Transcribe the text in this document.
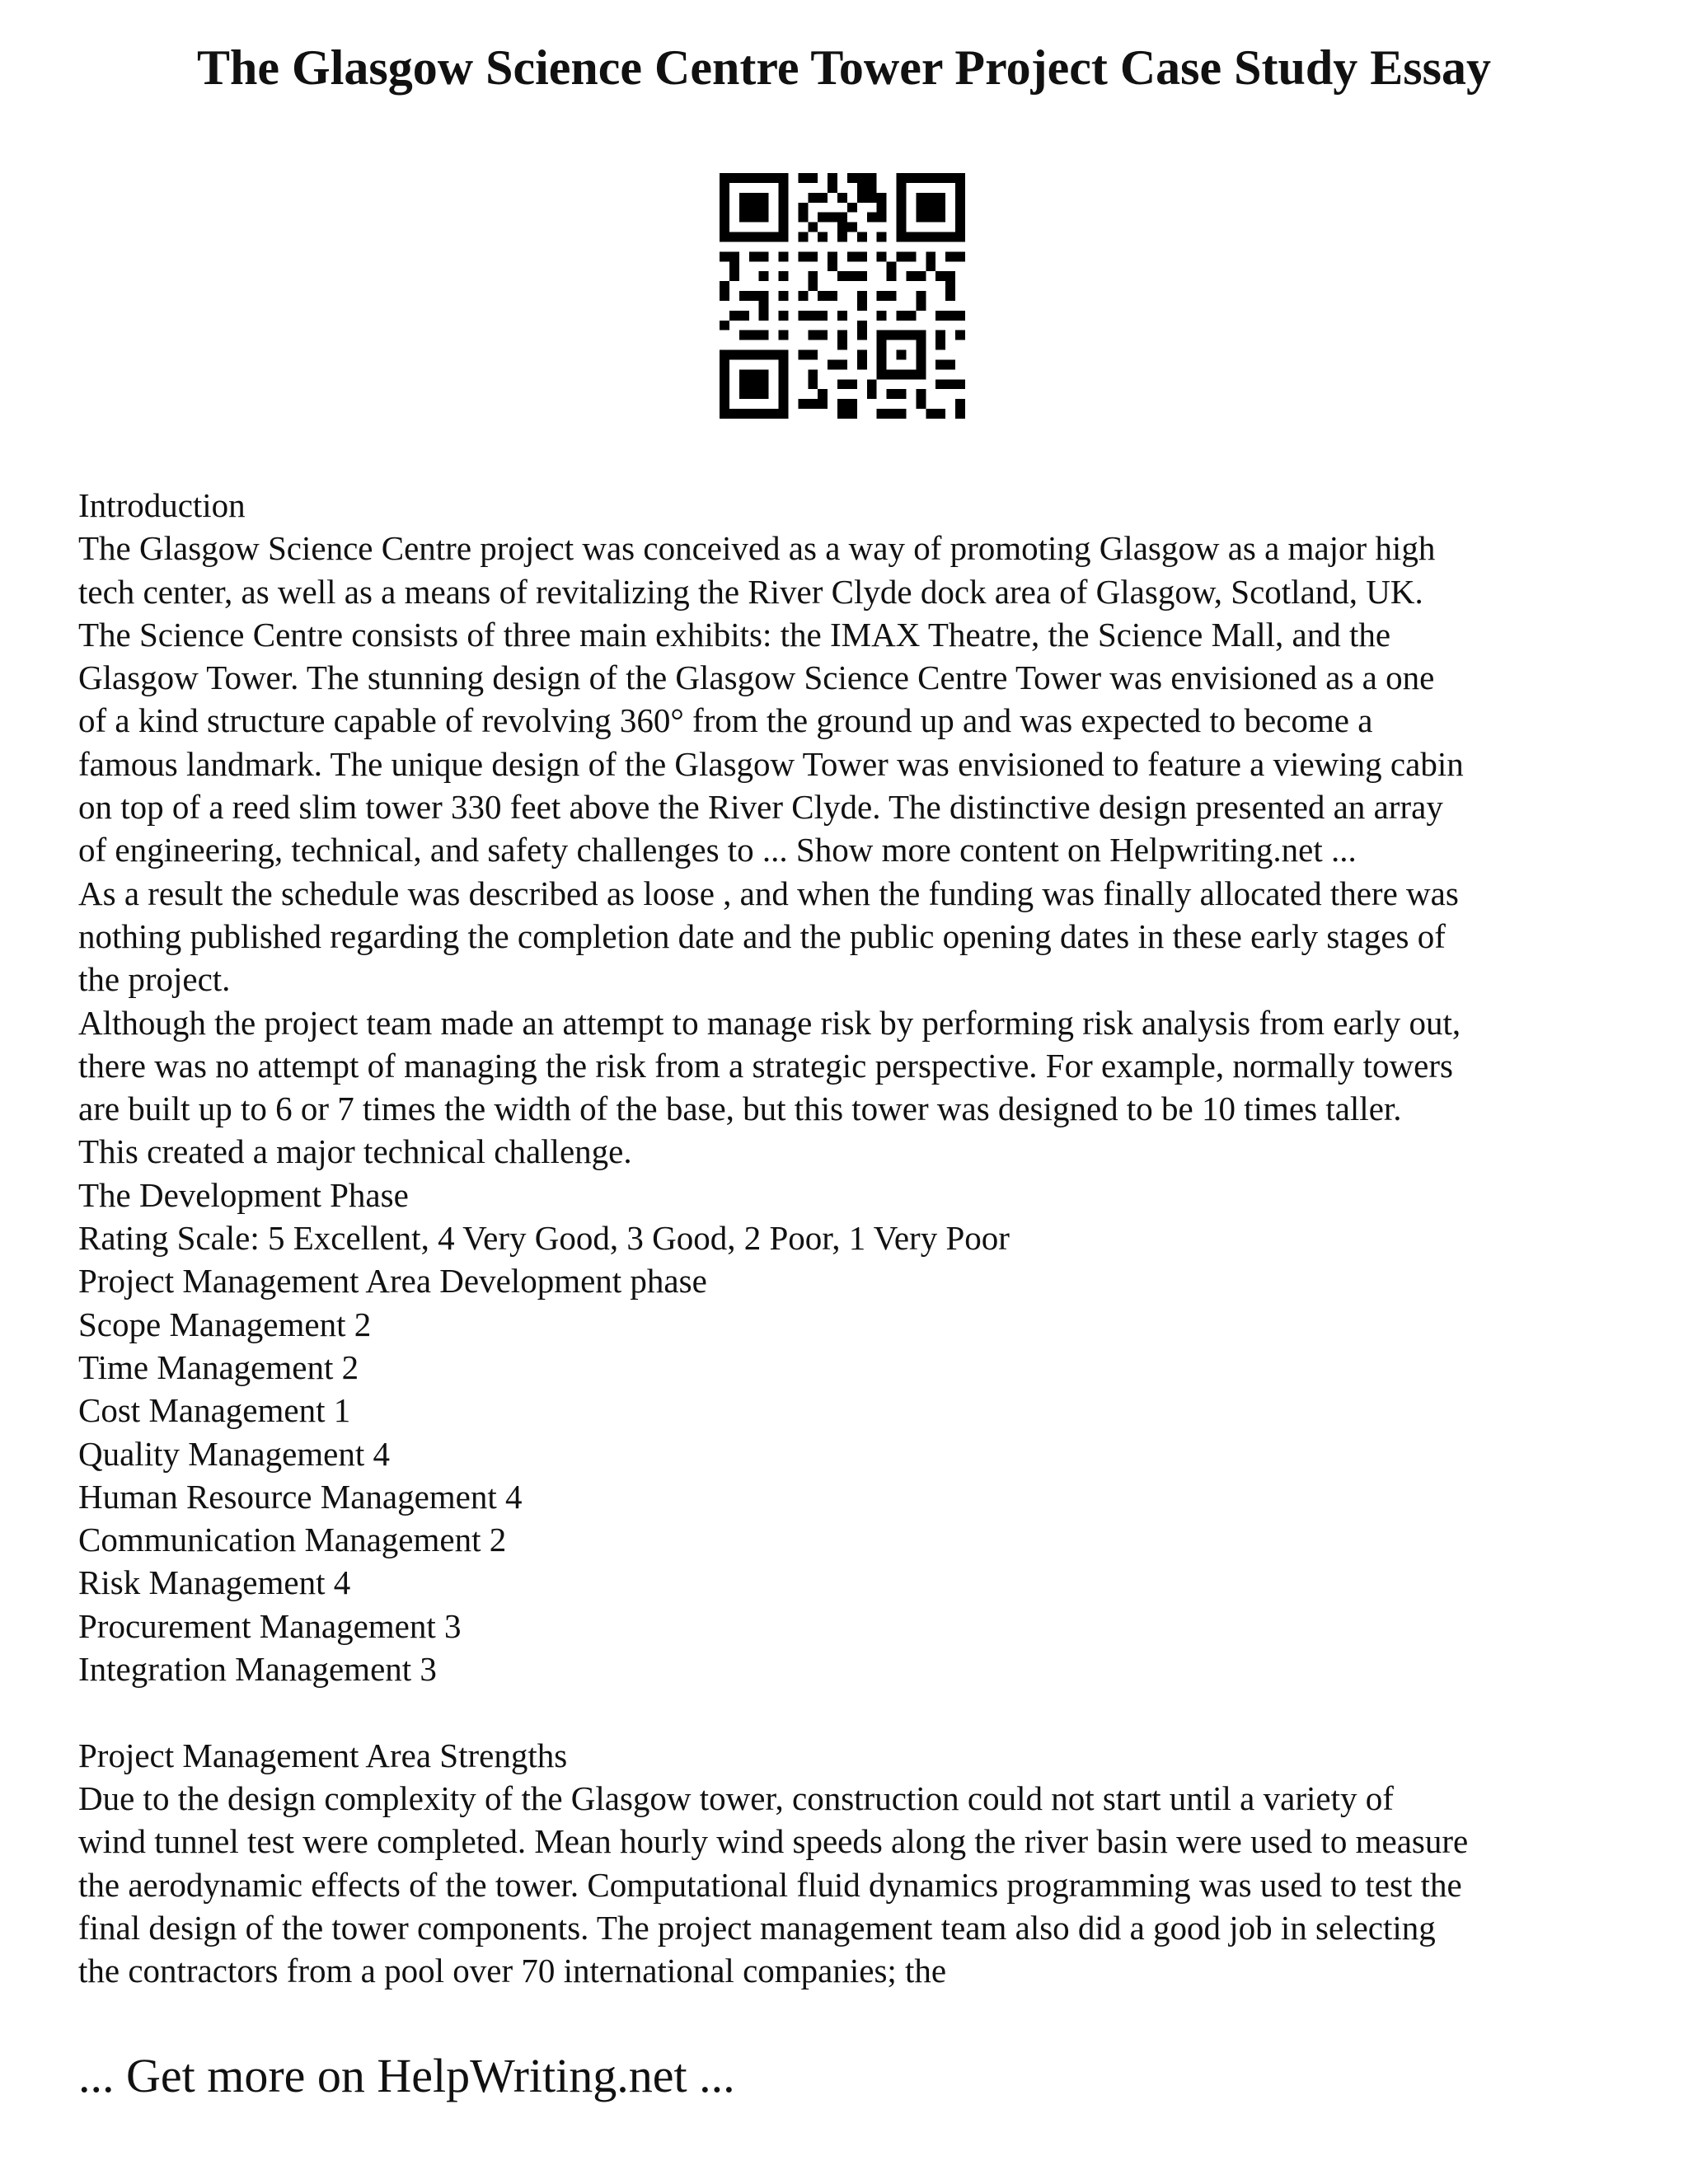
The Glasgow Science Centre Tower Project Case Study Essay
Introduction
The Glasgow Science Centre project was conceived as a way of promoting Glasgow as a major high
tech center, as well as a means of revitalizing the River Clyde dock area of Glasgow, Scotland, UK.
The Science Centre consists of three main exhibits: the IMAX Theatre, the Science Mall, and the
Glasgow Tower. The stunning design of the Glasgow Science Centre Tower was envisioned as a one
of a kind structure capable of revolving 360° from the ground up and was expected to become a
famous landmark. The unique design of the Glasgow Tower was envisioned to feature a viewing cabin
on top of a reed slim tower 330 feet above the River Clyde. The distinctive design presented an array
of engineering, technical, and safety challenges to ... Show more content on Helpwriting.net ...
As a result the schedule was described as loose , and when the funding was finally allocated there was
nothing published regarding the completion date and the public opening dates in these early stages of
the project.
Although the project team made an attempt to manage risk by performing risk analysis from early out,
there was no attempt of managing the risk from a strategic perspective. For example, normally towers
are built up to 6 or 7 times the width of the base, but this tower was designed to be 10 times taller.
This created a major technical challenge.
The Development Phase
Rating Scale: 5 Excellent, 4 Very Good, 3 Good, 2 Poor, 1 Very Poor
Project Management Area Development phase
Scope Management 2
Time Management 2
Cost Management 1
Quality Management 4
Human Resource Management 4
Communication Management 2
Risk Management 4
Procurement Management 3
Integration Management 3
Project Management Area Strengths
Due to the design complexity of the Glasgow tower, construction could not start until a variety of
wind tunnel test were completed. Mean hourly wind speeds along the river basin were used to measure
the aerodynamic effects of the tower. Computational fluid dynamics programming was used to test the
final design of the tower components. The project management team also did a good job in selecting
the contractors from a pool over 70 international companies; the
... Get more on HelpWriting.net ...
